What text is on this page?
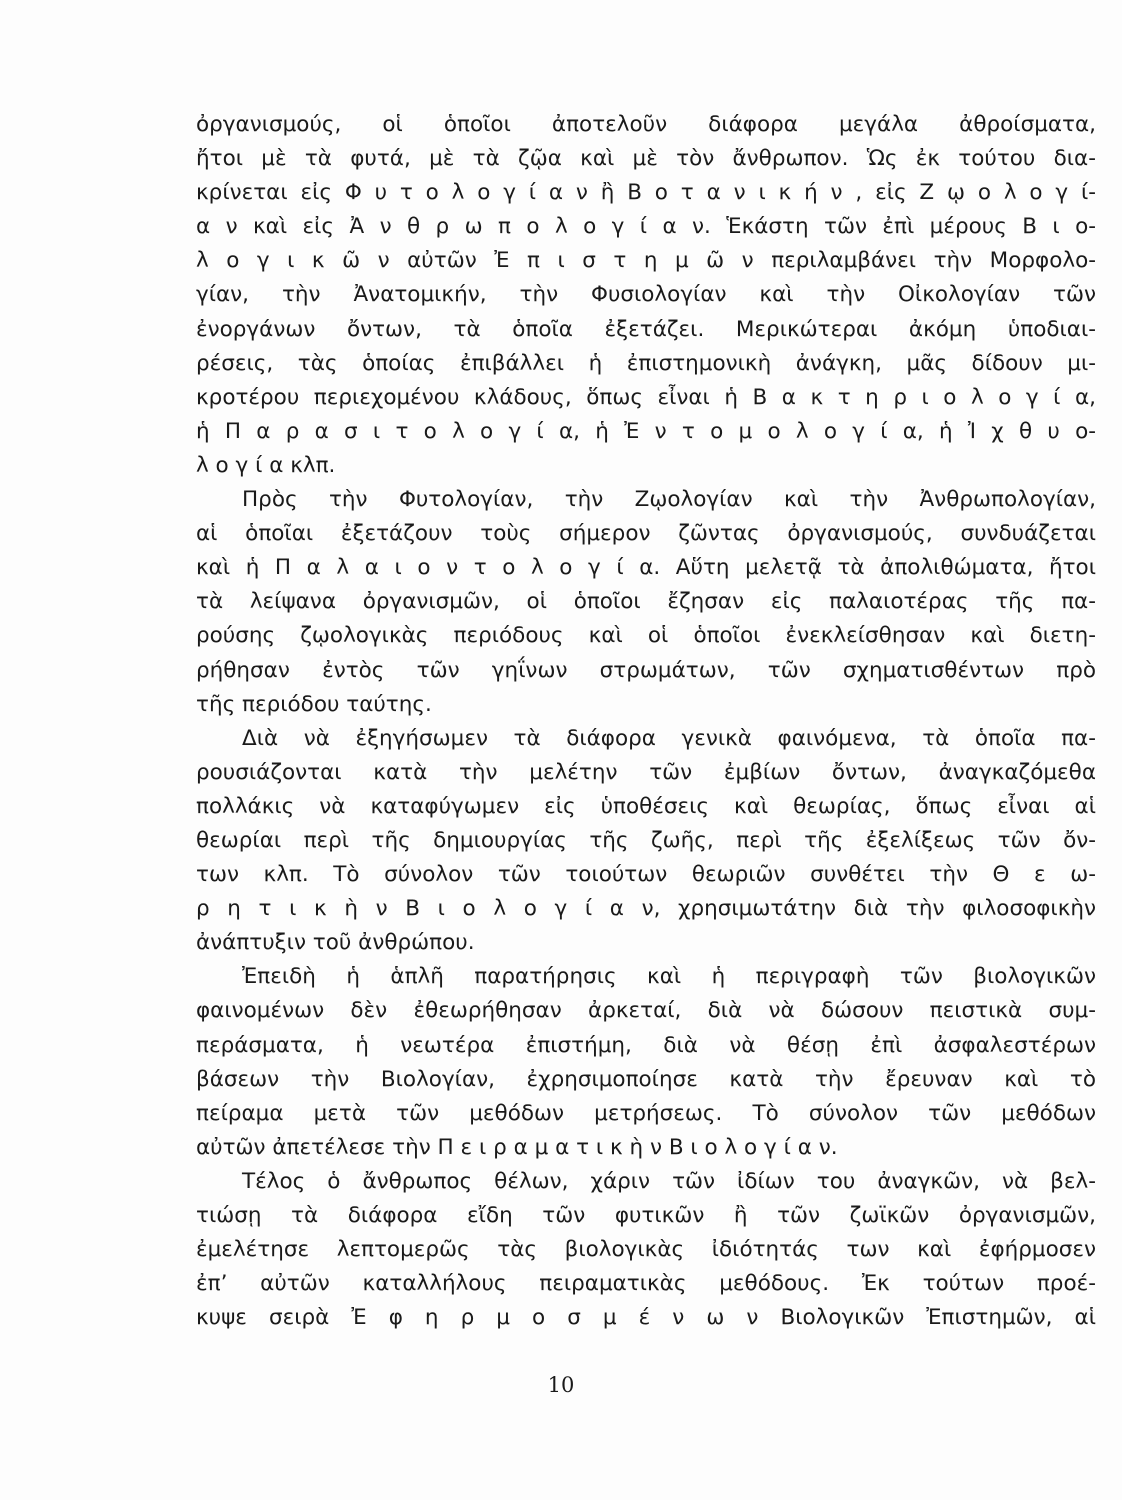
ὀργανισμούς, οἱ ὁποῖοι ἀποτελοῦν διάφορα μεγάλα ἀθροίσματα,
ἤτοι μὲ τὰ φυτά, μὲ τὰ ζῷα καὶ μὲ τὸν ἄνθρωπον. Ὡς ἐκ τούτου δια-
κρίνεται εἰς Φ υ τ ο λ ο γ ί α ν ἢ Β ο τ α ν ι κ ή ν , εἰς Ζ ῳ ο λ ο γ ί-
α ν καὶ εἰς Ἀ ν θ ρ ω π ο λ ο γ ί α ν. Ἑκάστη τῶν ἐπὶ μέρους Β ι ο-
λ ο γ ι κ ῶ ν αὐτῶν Ἐ π ι σ τ η μ ῶ ν περιλαμβάνει τὴν Μορφολο-
γίαν, τὴν Ἀνατομικήν, τὴν Φυσιολογίαν καὶ τὴν Οἰκολογίαν τῶν
ἐνοργάνων ὄντων, τὰ ὁποῖα ἐξετάζει. Μερικώτεραι ἀκόμη ὑποδιαι-
ρέσεις, τὰς ὁποίας ἐπιβάλλει ἡ ἐπιστημονικὴ ἀνάγκη, μᾶς δίδουν μι-
κροτέρου περιεχομένου κλάδους, ὅπως εἶναι ἡ Β α κ τ η ρ ι ο λ ο γ ί α,
ἡ Π α ρ α σ ι τ ο λ ο γ ί α, ἡ Ἐ ν τ ο μ ο λ ο γ ί α, ἡ Ἰ χ θ υ ο-
λ ο γ ί α κλπ.
Πρὸς τὴν Φυτολογίαν, τὴν Ζῳολογίαν καὶ τὴν Ἀνθρωπολογίαν,
αἱ ὁποῖαι ἐξετάζουν τοὺς σήμερον ζῶντας ὀργανισμούς, συνδυάζεται
καὶ ἡ Π α λ α ι ο ν τ ο λ ο γ ί α. Αὕτη μελετᾷ τὰ ἀπολιθώματα, ἤτοι
τὰ λείψανα ὀργανισμῶν, οἱ ὁποῖοι ἔζησαν εἰς παλαιοτέρας τῆς πα-
ρούσης ζῳολογικὰς περιόδους καὶ οἱ ὁποῖοι ἐνεκλείσθησαν καὶ διετη-
ρήθησαν ἐντὸς τῶν γηΐνων στρωμάτων, τῶν σχηματισθέντων πρὸ
τῆς περιόδου ταύτης.
Διὰ νὰ ἐξηγήσωμεν τὰ διάφορα γενικὰ φαινόμενα, τὰ ὁποῖα πα-
ρουσιάζονται κατὰ τὴν μελέτην τῶν ἐμβίων ὄντων, ἀναγκαζόμεθα
πολλάκις νὰ καταφύγωμεν εἰς ὑποθέσεις καὶ θεωρίας, ὅπως εἶναι αἱ
θεωρίαι περὶ τῆς δημιουργίας τῆς ζωῆς, περὶ τῆς ἐξελίξεως τῶν ὄν-
των κλπ. Τὸ σύνολον τῶν τοιούτων θεωριῶν συνθέτει τὴν Θ ε ω-
ρ η τ ι κ ὴ ν Β ι ο λ ο γ ί α ν, χρησιμωτάτην διὰ τὴν φιλοσοφικὴν
ἀνάπτυξιν τοῦ ἀνθρώπου.
Ἐπειδὴ ἡ ἁπλῆ παρατήρησις καὶ ἡ περιγραφὴ τῶν βιολογικῶν
φαινομένων δὲν ἐθεωρήθησαν ἀρκεταί, διὰ νὰ δώσουν πειστικὰ συμ-
περάσματα, ἡ νεωτέρα ἐπιστήμη, διὰ νὰ θέσῃ ἐπὶ ἀσφαλεστέρων
βάσεων τὴν Βιολογίαν, ἐχρησιμοποίησε κατὰ τὴν ἔρευναν καὶ τὸ
πείραμα μετὰ τῶν μεθόδων μετρήσεως. Τὸ σύνολον τῶν μεθόδων
αὐτῶν ἀπετέλεσε τὴν Π ε ι ρ α μ α τ ι κ ὴ ν Β ι ο λ ο γ ί α ν.
Τέλος ὁ ἄνθρωπος θέλων, χάριν τῶν ἰδίων του ἀναγκῶν, νὰ βελ-
τιώσῃ τὰ διάφορα εἴδη τῶν φυτικῶν ἢ τῶν ζωϊκῶν ὀργανισμῶν,
ἐμελέτησε λεπτομερῶς τὰς βιολογικὰς ἰδιότητάς των καὶ ἐφήρμοσεν
ἐπ’ αὐτῶν καταλλήλους πειραματικὰς μεθόδους. Ἐκ τούτων προέ-
κυψε σειρὰ Ἐ φ η ρ μ ο σ μ έ ν ω ν Βιολογικῶν Ἐπιστημῶν, αἱ
10
